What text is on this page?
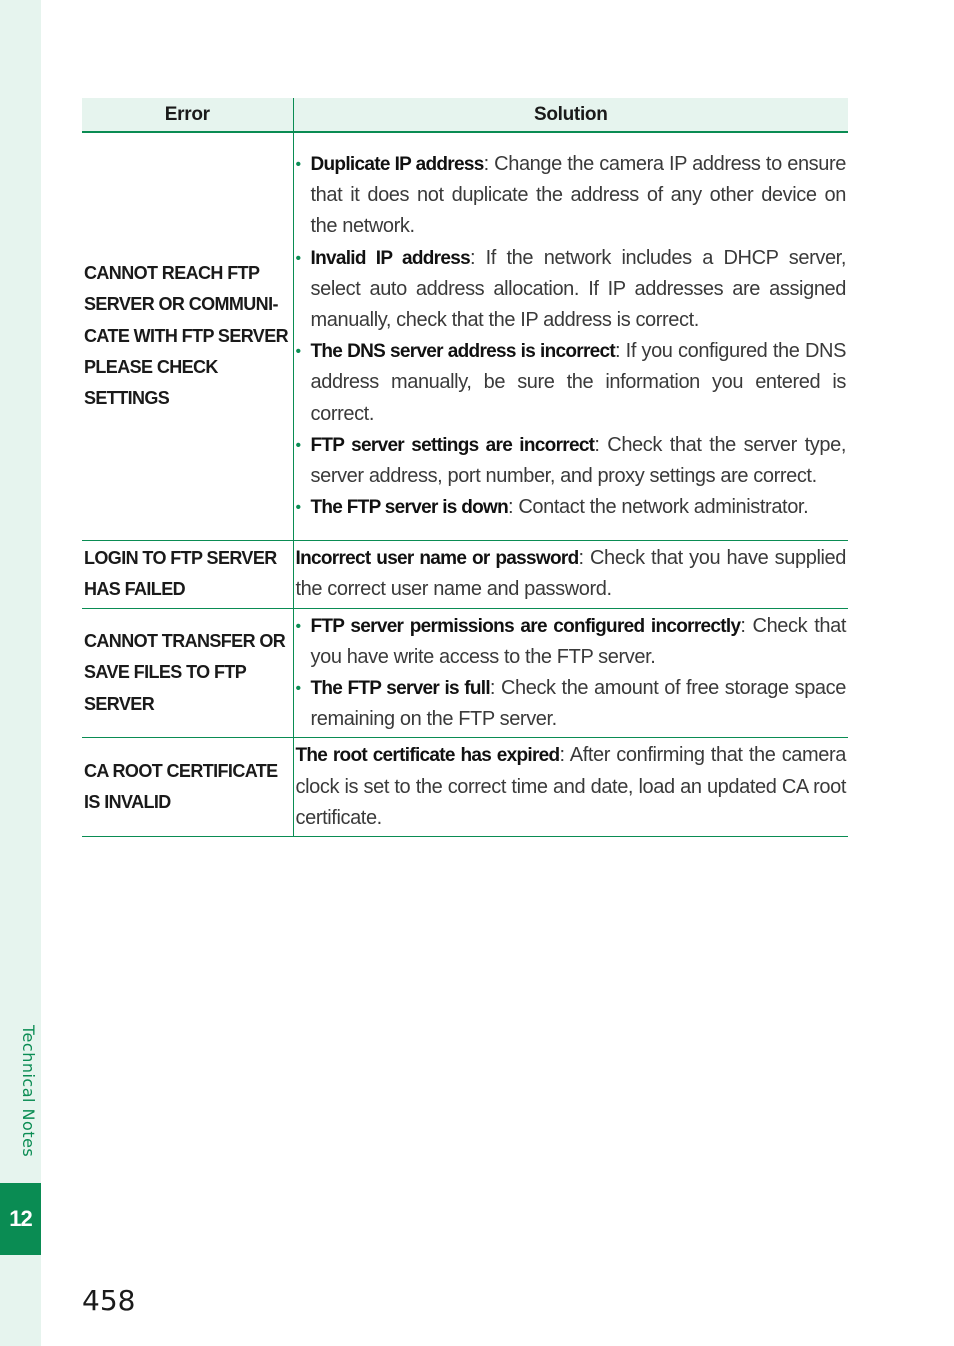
Technical Notes
12
Error	Solution
CANNOT REACH FTP SERVER OR COMMUNI-CATE WITH FTP SERVER PLEASE CHECK SETTINGS	• Duplicate IP address: Change the camera IP address to ensure that it does not duplicate the address of any other device on the network.
• Invalid IP address: If the network includes a DHCP server, select auto address allocation. If IP addresses are assigned manually, check that the IP address is correct.
• The DNS server address is incorrect: If you configured the DNS address manually, be sure the information you entered is correct.
• FTP server settings are incorrect: Check that the server type, server address, port number, and proxy settings are correct.
• The FTP server is down: Contact the network administrator.

LOGIN TO FTP SERVER HAS FAILED	Incorrect user name or password: Check that you have supplied the correct user name and password.
CANNOT TRANSFER OR SAVE FILES TO FTP SERVER	• FTP server permissions are configured incorrectly: Check that you have write access to the FTP server.
• The FTP server is full: Check the amount of free storage space remaining on the FTP server.

CA ROOT CERTIFICATE IS INVALID	The root certificate has expired: After confirming that the camera clock is set to the correct time and date, load an updated CA root certificate.
458
